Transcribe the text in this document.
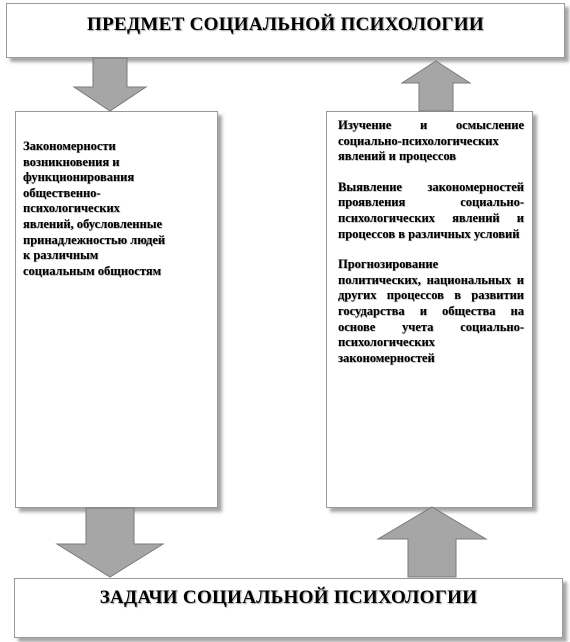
ПРЕДМЕТ СОЦИАЛЬНОЙ ПСИХОЛОГИИ
Закономерности
возникновения и
функционирования
общественно-
психологических
явлений, обусловленные
принадлежностью людей
к различным
социальным общностям
Изучение и осмысление социально-психологических явлений и процессов
Выявление закономерностей проявления социально-психологических явлений и процессов в различных условий
Прогнозирование политических, национальных и других процессов в развитии государства и общества на основе учета социально-психологических закономерностей
ЗАДАЧИ СОЦИАЛЬНОЙ ПСИХОЛОГИИ
